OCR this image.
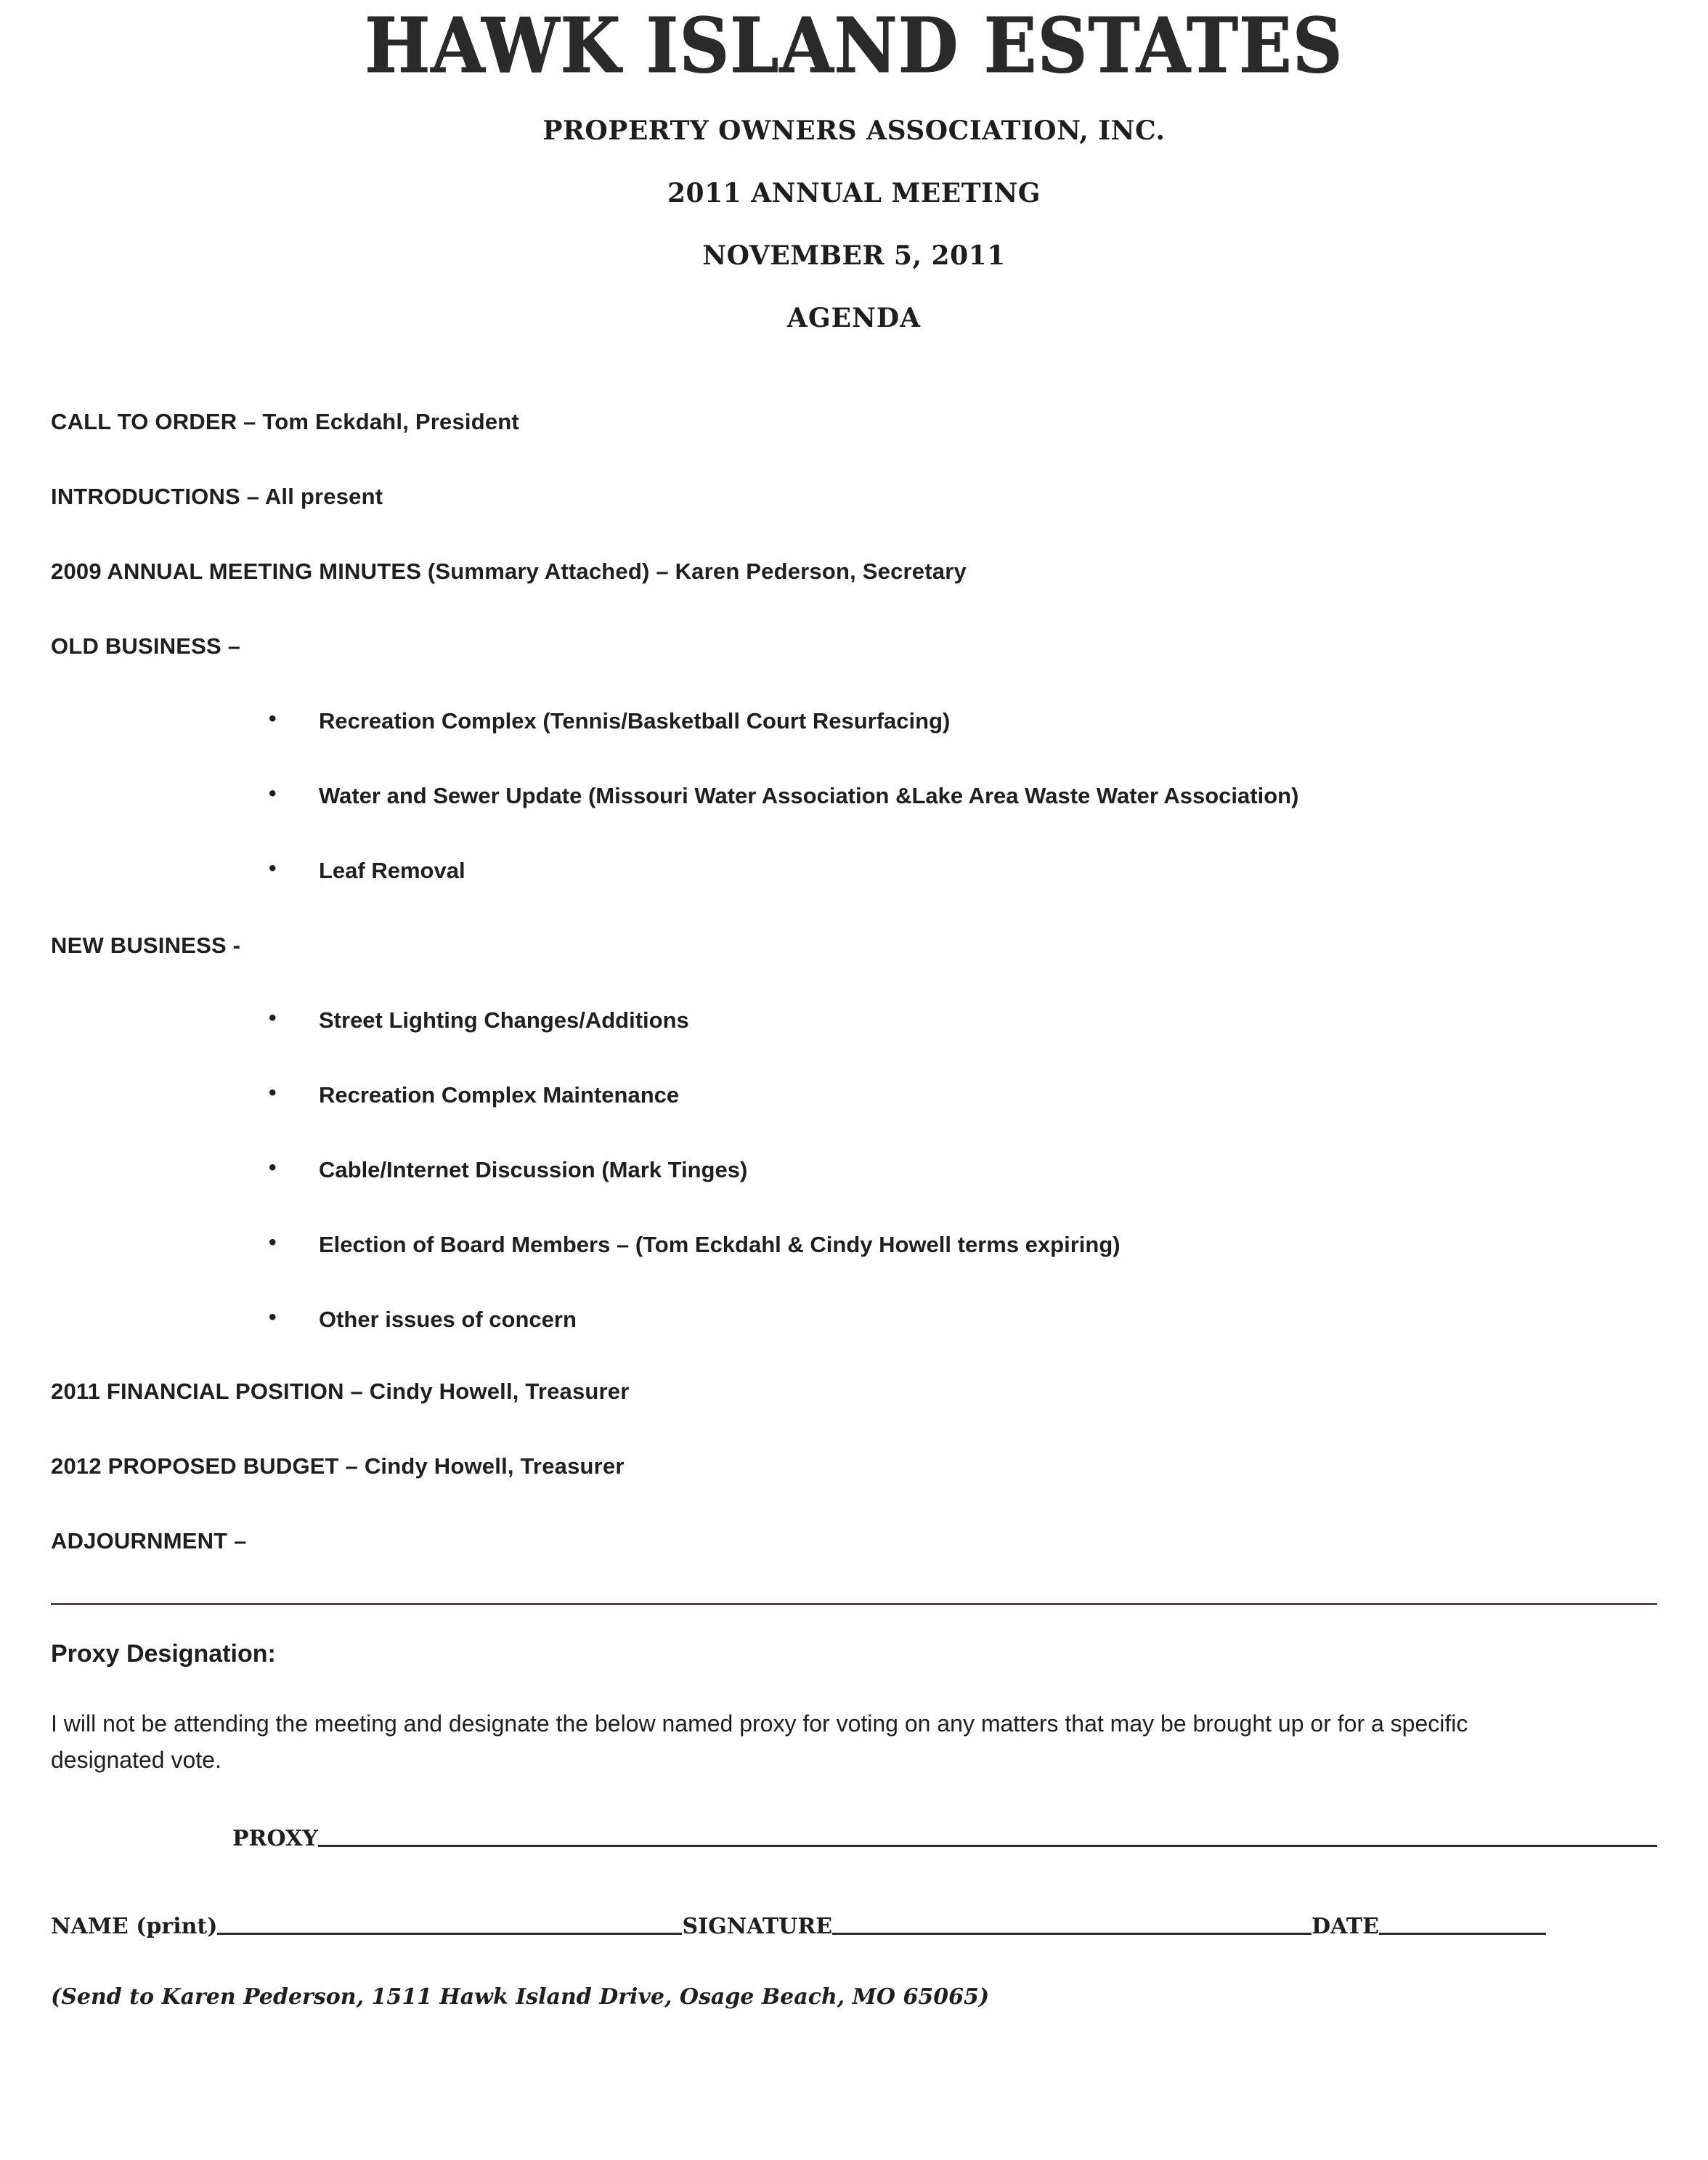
HAWK ISLAND ESTATES
PROPERTY OWNERS ASSOCIATION, INC.
2011 ANNUAL MEETING
NOVEMBER 5, 2011
AGENDA
CALL TO ORDER – Tom Eckdahl, President
INTRODUCTIONS – All present
2009 ANNUAL MEETING MINUTES (Summary Attached) – Karen Pederson, Secretary
OLD BUSINESS –
• Recreation Complex (Tennis/Basketball Court Resurfacing)
• Water and Sewer Update (Missouri Water Association &Lake Area Waste Water Association)
• Leaf Removal
NEW BUSINESS -
• Street Lighting Changes/Additions
• Recreation Complex Maintenance
• Cable/Internet Discussion (Mark Tinges)
• Election of Board Members – (Tom Eckdahl & Cindy Howell terms expiring)
• Other issues of concern
2011 FINANCIAL POSITION – Cindy Howell, Treasurer
2012 PROPOSED BUDGET – Cindy Howell, Treasurer
ADJOURNMENT –
Proxy Designation:
I will not be attending the meeting and designate the below named proxy for voting on any matters that may be brought up or for a specific designated vote.
PROXY
NAME (print)	SIGNATURE	DATE
(Send to Karen Pederson, 1511 Hawk Island Drive, Osage Beach, MO 65065)
